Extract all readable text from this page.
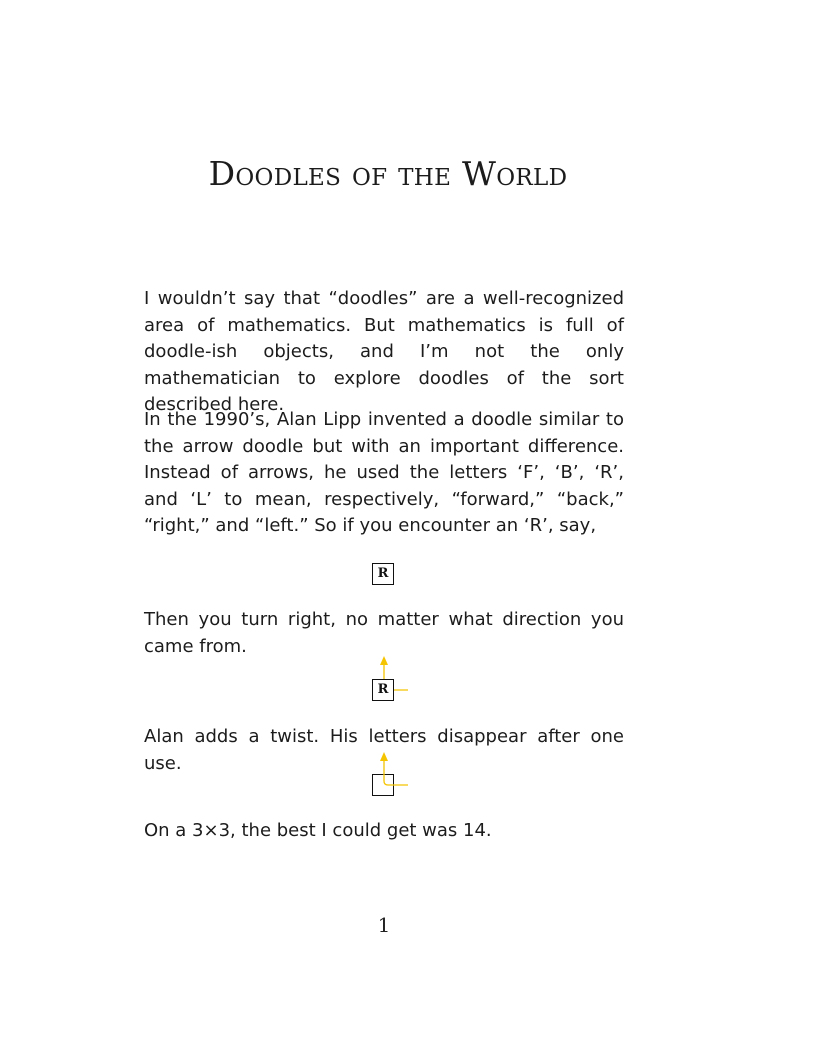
Doodles of the World

I wouldn’t say that “doodles” are a well-recognized area of mathematics. But mathematics is full of doodle-ish objects, and I’m not the only mathematician to explore doodles of the sort described here.

In the 1990’s, Alan Lipp invented a doodle similar to the arrow doodle but with an important difference. Instead of arrows, he used the letters ‘F’, ‘B’, ‘R’, and ‘L’ to mean, respectively, “forward,” “back,” “right,” and “left.” So if you encounter an ‘R’, say,

R

Then you turn right, no matter what direction you came from.

R

Alan adds a twist. His letters disappear after one use.

On a 3×3, the best I could get was 14.

1
